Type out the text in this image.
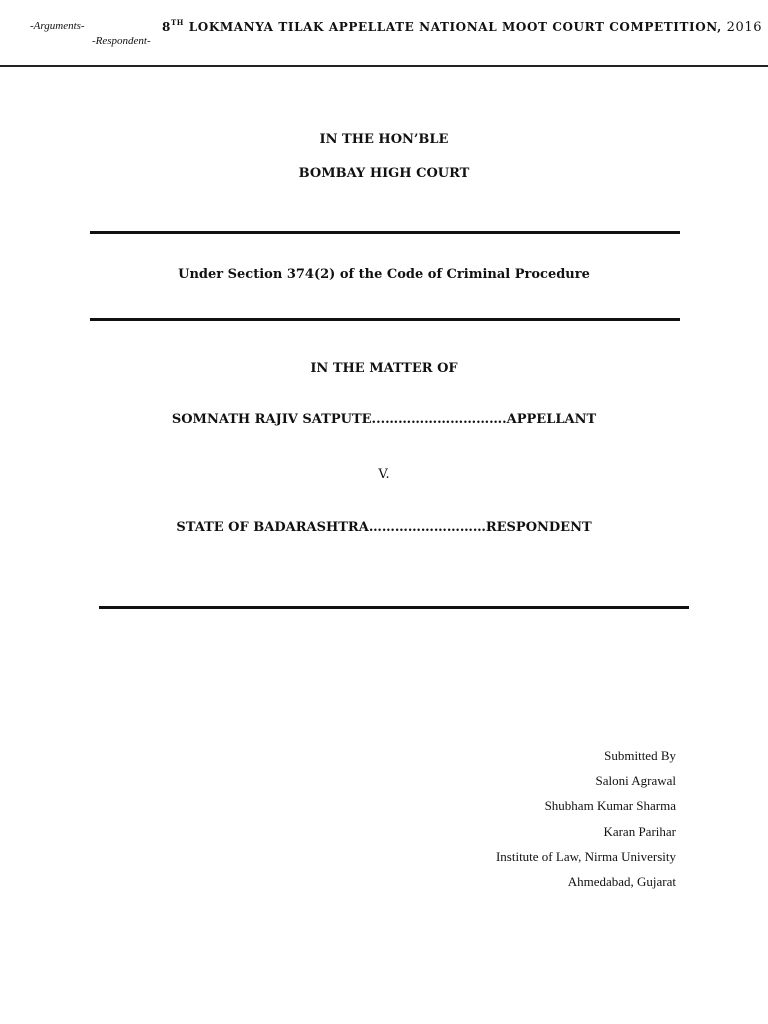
-Arguments-
-Respondent-
8TH LOKMANYA TILAK APPELLATE NATIONAL MOOT COURT COMPETITION, 2016
IN THE HON’BLE
BOMBAY HIGH COURT
Under Section 374(2) of the Code of Criminal Procedure
IN THE MATTER OF
SOMNATH RAJIV SATPUTE...……………………….APPELLANT
V.
STATE OF BADARASHTRA………………………RESPONDENT
Submitted By
Saloni Agrawal
Shubham Kumar Sharma
Karan Parihar
Institute of Law, Nirma University
Ahmedabad, Gujarat
